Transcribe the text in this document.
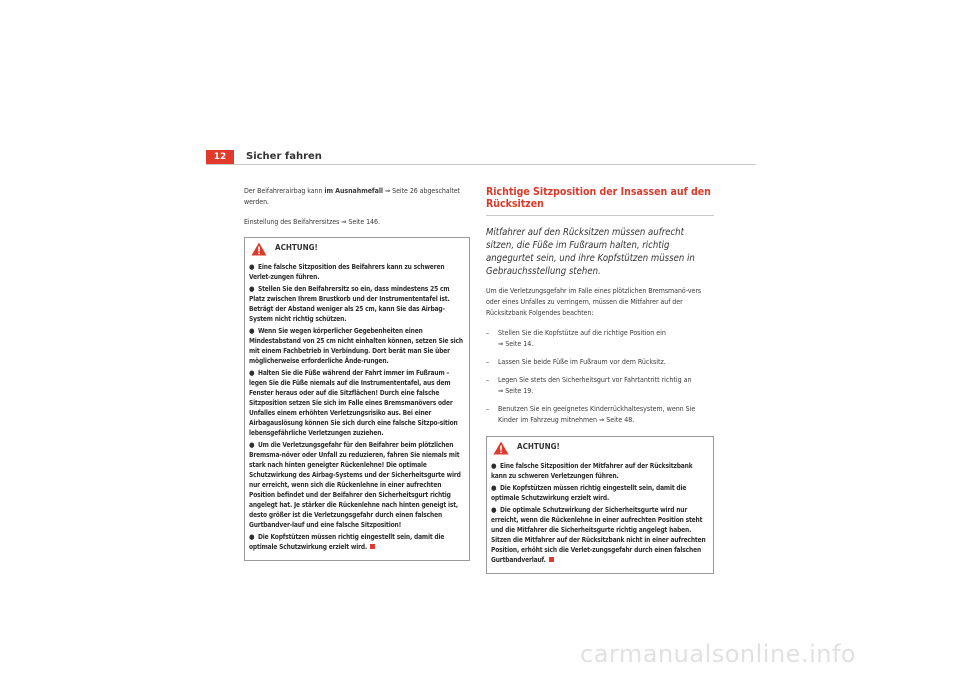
12	Sicher fahren

Der Beifahrerairbag kann im Ausnahmefall ⇒ Seite 26 abgeschaltet werden.

Einstellung des Beifahrersitzes ⇒ Seite 146.

ACHTUNG!
● Eine falsche Sitzposition des Beifahrers kann zu schweren Verlet-zungen führen.
● Stellen Sie den Beifahrersitz so ein, dass mindestens 25 cm Platz zwischen Ihrem Brustkorb und der Instrumententafel ist. Beträgt der Abstand weniger als 25 cm, kann Sie das Airbag-System nicht richtig schützen.
● Wenn Sie wegen körperlicher Gegebenheiten einen Mindestabstand von 25 cm nicht einhalten können, setzen Sie sich mit einem Fachbetrieb in Verbindung. Dort berät man Sie über möglicherweise erforderliche Ände-rungen.
● Halten Sie die Füße während der Fahrt immer im Fußraum – legen Sie die Füße niemals auf die Instrumententafel, aus dem Fenster heraus oder auf die Sitzflächen! Durch eine falsche Sitzposition setzen Sie sich im Falle eines Bremsmanövers oder Unfalles einem erhöhten Verletzungsrisiko aus. Bei einer Airbagauslösung können Sie sich durch eine falsche Sitzpo-sition lebensgefährliche Verletzungen zuziehen.
● Um die Verletzungsgefahr für den Beifahrer beim plötzlichen Bremsma-növer oder Unfall zu reduzieren, fahren Sie niemals mit stark nach hinten geneigter Rückenlehne! Die optimale Schutzwirkung des Airbag-Systems und der Sicherheitsgurte wird nur erreicht, wenn sich die Rückenlehne in einer aufrechten Position befindet und der Beifahrer den Sicherheitsgurt richtig angelegt hat. Je stärker die Rückenlehne nach hinten geneigt ist, desto größer ist die Verletzungsgefahr durch einen falschen Gurtbandver-lauf und eine falsche Sitzposition!
● Die Kopfstützen müssen richtig eingestellt sein, damit die optimale Schutzwirkung erzielt wird.
Richtige Sitzposition der Insassen auf den Rücksitzen

Mitfahrer auf den Rücksitzen müssen aufrecht sitzen, die Füße im Fußraum halten, richtig angegurtet sein, und ihre Kopfstützen müssen in Gebrauchsstellung stehen.

Um die Verletzungsgefahr im Falle eines plötzlichen Bremsmanö-vers oder eines Unfalles zu verringern, müssen die Mitfahrer auf der Rücksitzbank Folgendes beachten:

– Stellen Sie die Kopfstütze auf die richtige Position ein
⇒ Seite 14.
– Lassen Sie beide Füße im Fußraum vor dem Rücksitz.
– Legen Sie stets den Sicherheitsgurt vor Fahrtantritt richtig an
⇒ Seite 19.
– Benutzen Sie ein geeignetes Kinderrückhaltesystem, wenn Sie Kinder im Fahrzeug mitnehmen ⇒ Seite 48.
ACHTUNG!
● Eine falsche Sitzposition der Mitfahrer auf der Rücksitzbank kann zu schweren Verletzungen führen.
● Die Kopfstützen müssen richtig eingestellt sein, damit die optimale Schutzwirkung erzielt wird.
● Die optimale Schutzwirkung der Sicherheitsgurte wird nur erreicht, wenn die Rückenlehne in einer aufrechten Position steht und die Mitfahrer die Sicherheitsgurte richtig angelegt haben. Sitzen die Mitfahrer auf der Rücksitzbank nicht in einer aufrechten Position, erhöht sich die Verlet-zungsgefahr durch einen falschen Gurtbandverlauf.
carmanualsonline.info
